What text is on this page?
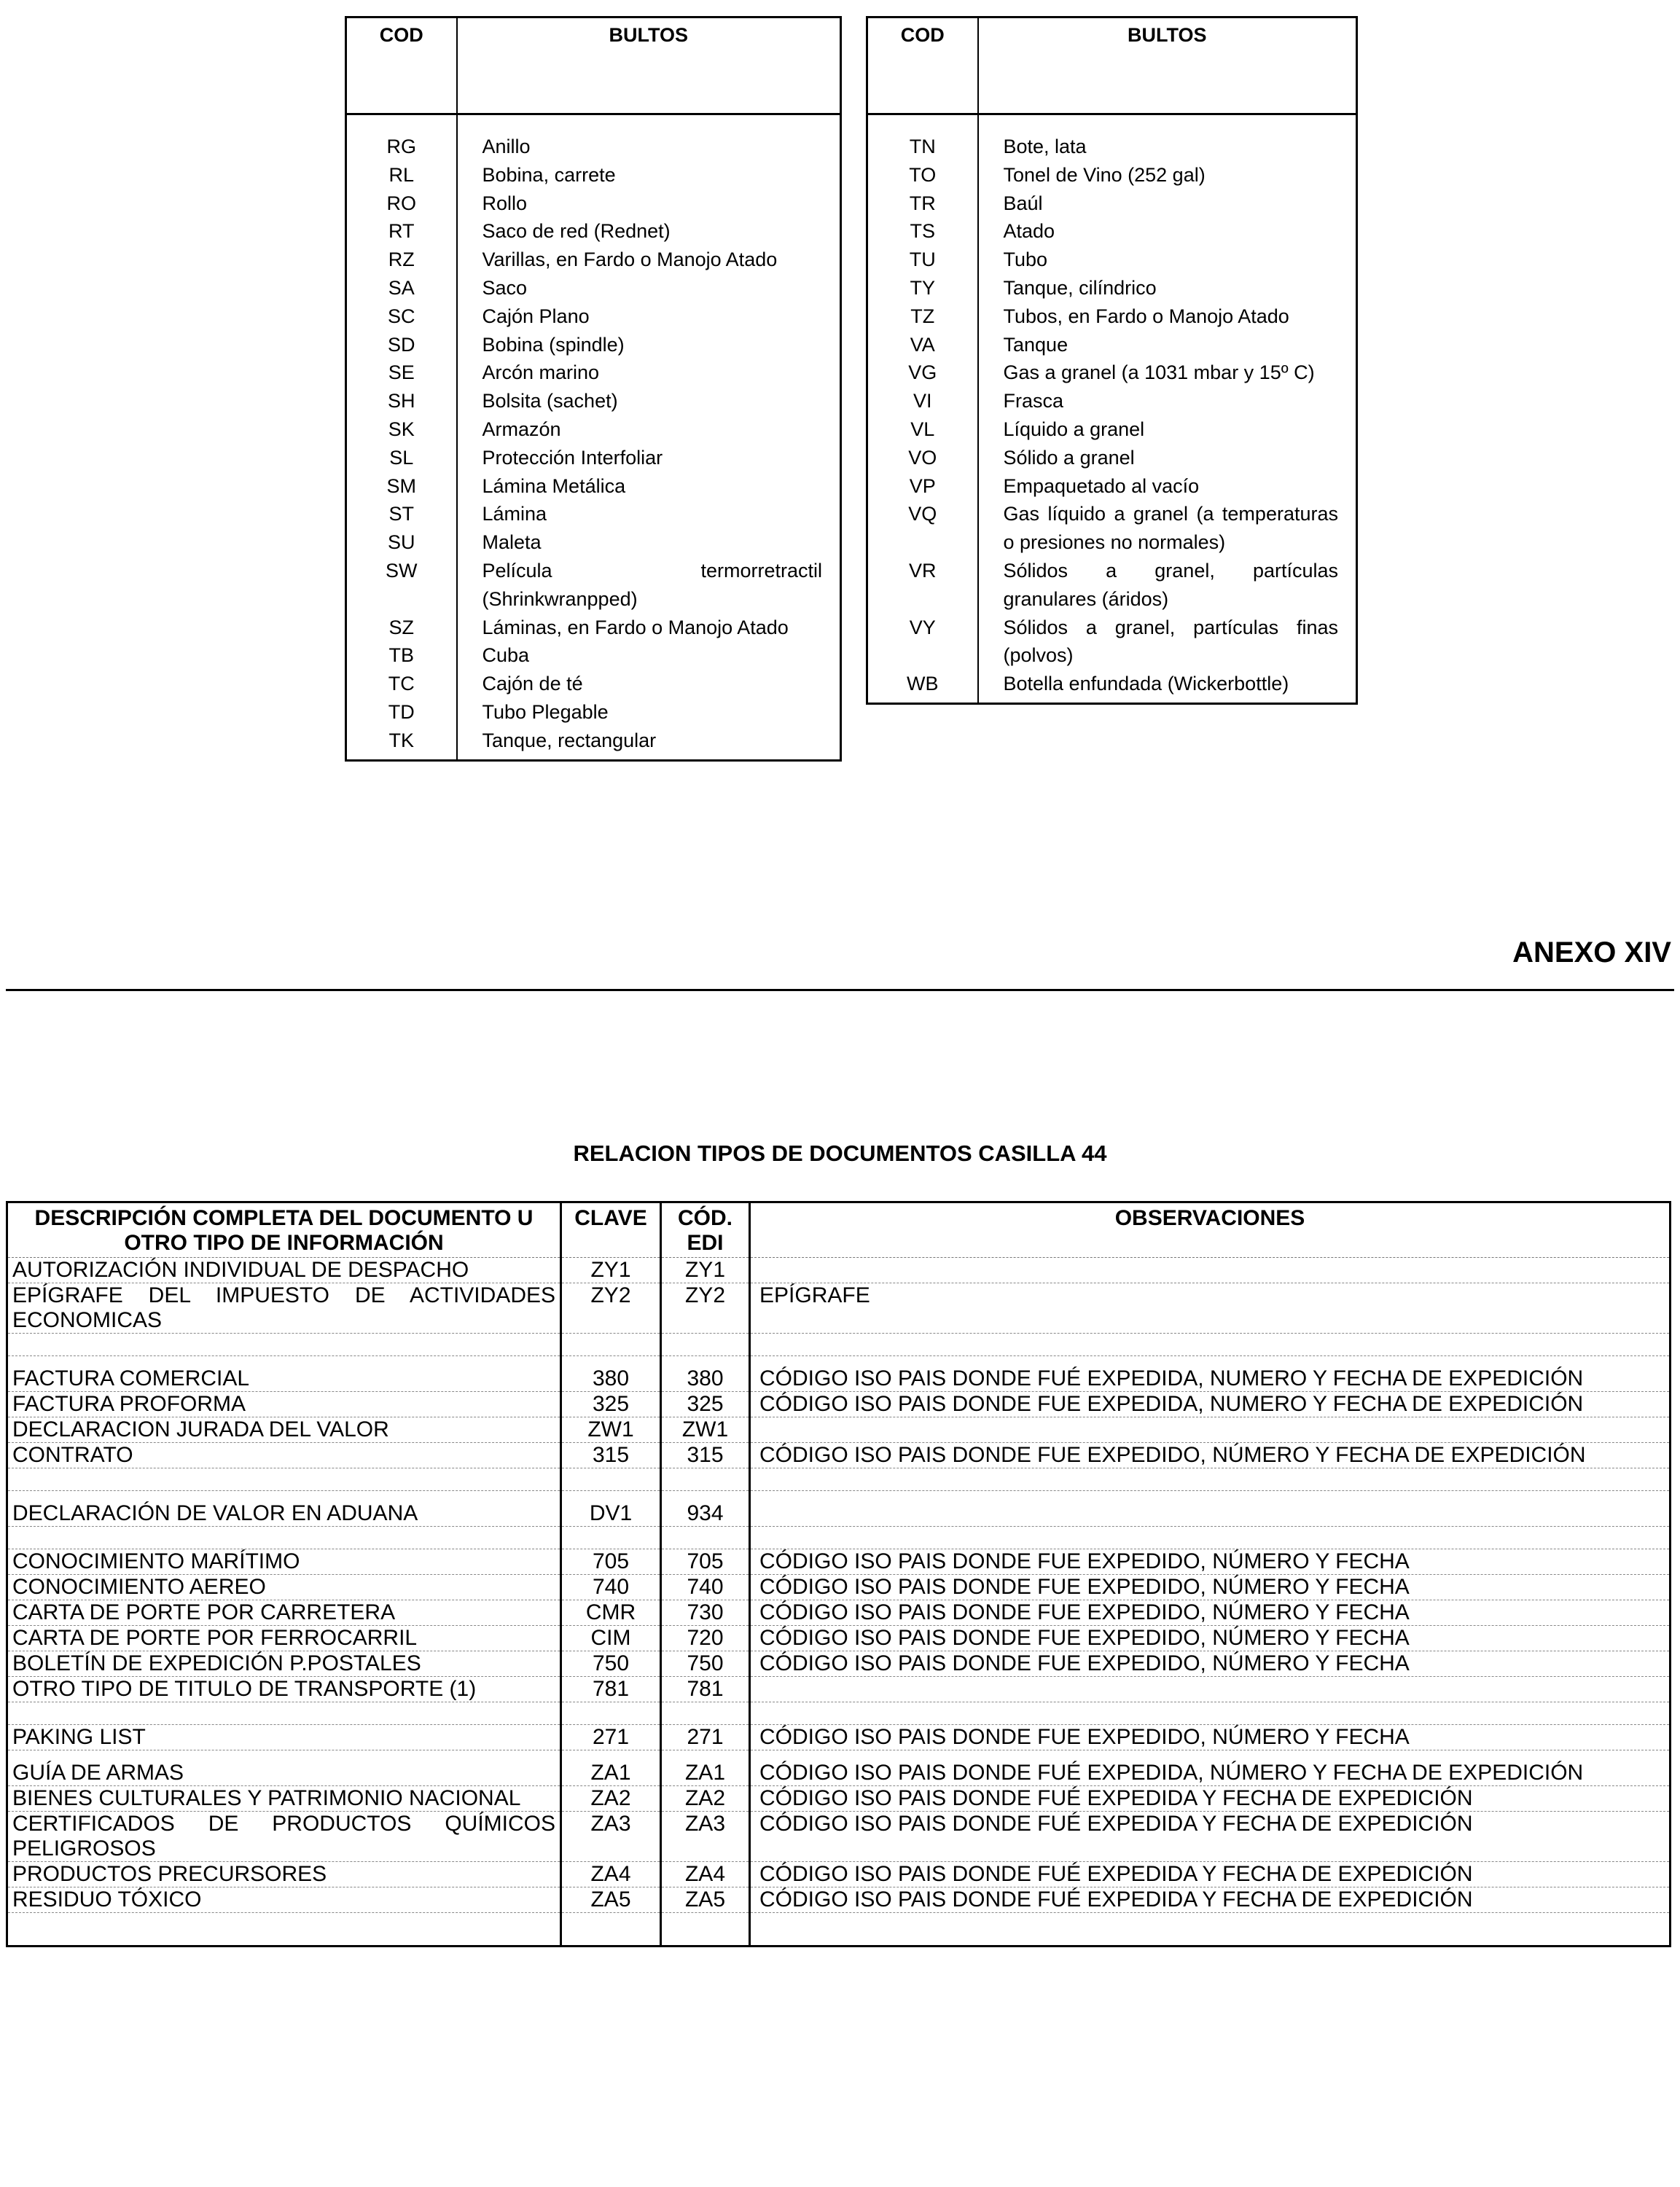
COD	BULTOS
RG	Anillo
RL	Bobina, carrete
RO	Rollo
RT	Saco de red (Rednet)
RZ	Varillas, en Fardo o Manojo Atado
SA	Saco
SC	Cajón Plano
SD	Bobina (spindle)
SE	Arcón marino
SH	Bolsita (sachet)
SK	Armazón
SL	Protección Interfoliar
SM	Lámina Metálica
ST	Lámina
SU	Maleta
SW	Película termorretractil (Shrinkwranpped)
SZ	Láminas, en Fardo o Manojo Atado
TB	Cuba
TC	Cajón de té
TD	Tubo Plegable
TK	Tanque, rectangular
COD	BULTOS
TN	Bote, lata
TO	Tonel de Vino (252 gal)
TR	Baúl
TS	Atado
TU	Tubo
TY	Tanque, cilíndrico
TZ	Tubos, en Fardo o Manojo Atado
VA	Tanque
VG	Gas a granel (a 1031 mbar y 15º C)
VI	Frasca
VL	Líquido a granel
VO	Sólido a granel
VP	Empaquetado al vacío
VQ	Gas líquido a granel (a temperaturas o presiones no normales)
VR	Sólidos a granel, partículas granulares (áridos)
VY	Sólidos a granel, partículas finas (polvos)
WB	Botella enfundada (Wickerbottle)
ANEXO XIV
RELACION TIPOS DE DOCUMENTOS CASILLA 44
DESCRIPCIÓN COMPLETA DEL DOCUMENTO U OTRO TIPO DE INFORMACIÓN	CLAVE	CÓD. EDI	OBSERVACIONES
AUTORIZACIÓN INDIVIDUAL DE DESPACHO	ZY1	ZY1	
EPÍGRAFE DEL IMPUESTO DE ACTIVIDADES ECONOMICAS	ZY2	ZY2	EPÍGRAFE

FACTURA COMERCIAL	380	380	CÓDIGO ISO PAIS DONDE FUÉ EXPEDIDA, NUMERO Y FECHA DE EXPEDICIÓN
FACTURA PROFORMA	325	325	CÓDIGO ISO PAIS DONDE FUE EXPEDIDA, NUMERO Y FECHA DE EXPEDICIÓN
DECLARACION JURADA DEL VALOR	ZW1	ZW1	
CONTRATO	315	315	CÓDIGO ISO PAIS DONDE FUE EXPEDIDO, NÚMERO Y FECHA DE EXPEDICIÓN

DECLARACIÓN DE VALOR EN ADUANA	DV1	934	

CONOCIMIENTO MARÍTIMO	705	705	CÓDIGO ISO PAIS DONDE FUE EXPEDIDO, NÚMERO Y FECHA
CONOCIMIENTO AEREO	740	740	CÓDIGO ISO PAIS DONDE FUE EXPEDIDO, NÚMERO Y FECHA
CARTA DE PORTE POR CARRETERA	CMR	730	CÓDIGO ISO PAIS DONDE FUE EXPEDIDO, NÚMERO Y FECHA
CARTA DE PORTE POR FERROCARRIL	CIM	720	CÓDIGO ISO PAIS DONDE FUE EXPEDIDO, NÚMERO Y FECHA
BOLETÍN DE EXPEDICIÓN P.POSTALES	750	750	CÓDIGO ISO PAIS DONDE FUE EXPEDIDO, NÚMERO Y FECHA
OTRO TIPO DE TITULO DE TRANSPORTE (1)	781	781	

PAKING LIST	271	271	CÓDIGO ISO PAIS DONDE FUE EXPEDIDO, NÚMERO Y FECHA
GUÍA DE ARMAS	ZA1	ZA1	CÓDIGO ISO PAIS DONDE FUÉ EXPEDIDA, NÚMERO Y FECHA DE EXPEDICIÓN
BIENES CULTURALES Y PATRIMONIO NACIONAL	ZA2	ZA2	CÓDIGO ISO PAIS DONDE FUÉ EXPEDIDA Y FECHA DE EXPEDICIÓN
CERTIFICADOS DE PRODUCTOS QUÍMICOS PELIGROSOS	ZA3	ZA3	CÓDIGO ISO PAIS DONDE FUÉ EXPEDIDA Y FECHA DE EXPEDICIÓN
PRODUCTOS PRECURSORES	ZA4	ZA4	CÓDIGO ISO PAIS DONDE FUÉ EXPEDIDA Y FECHA DE EXPEDICIÓN
RESIDUO TÓXICO	ZA5	ZA5	CÓDIGO ISO PAIS DONDE FUÉ EXPEDIDA Y FECHA DE EXPEDICIÓN
